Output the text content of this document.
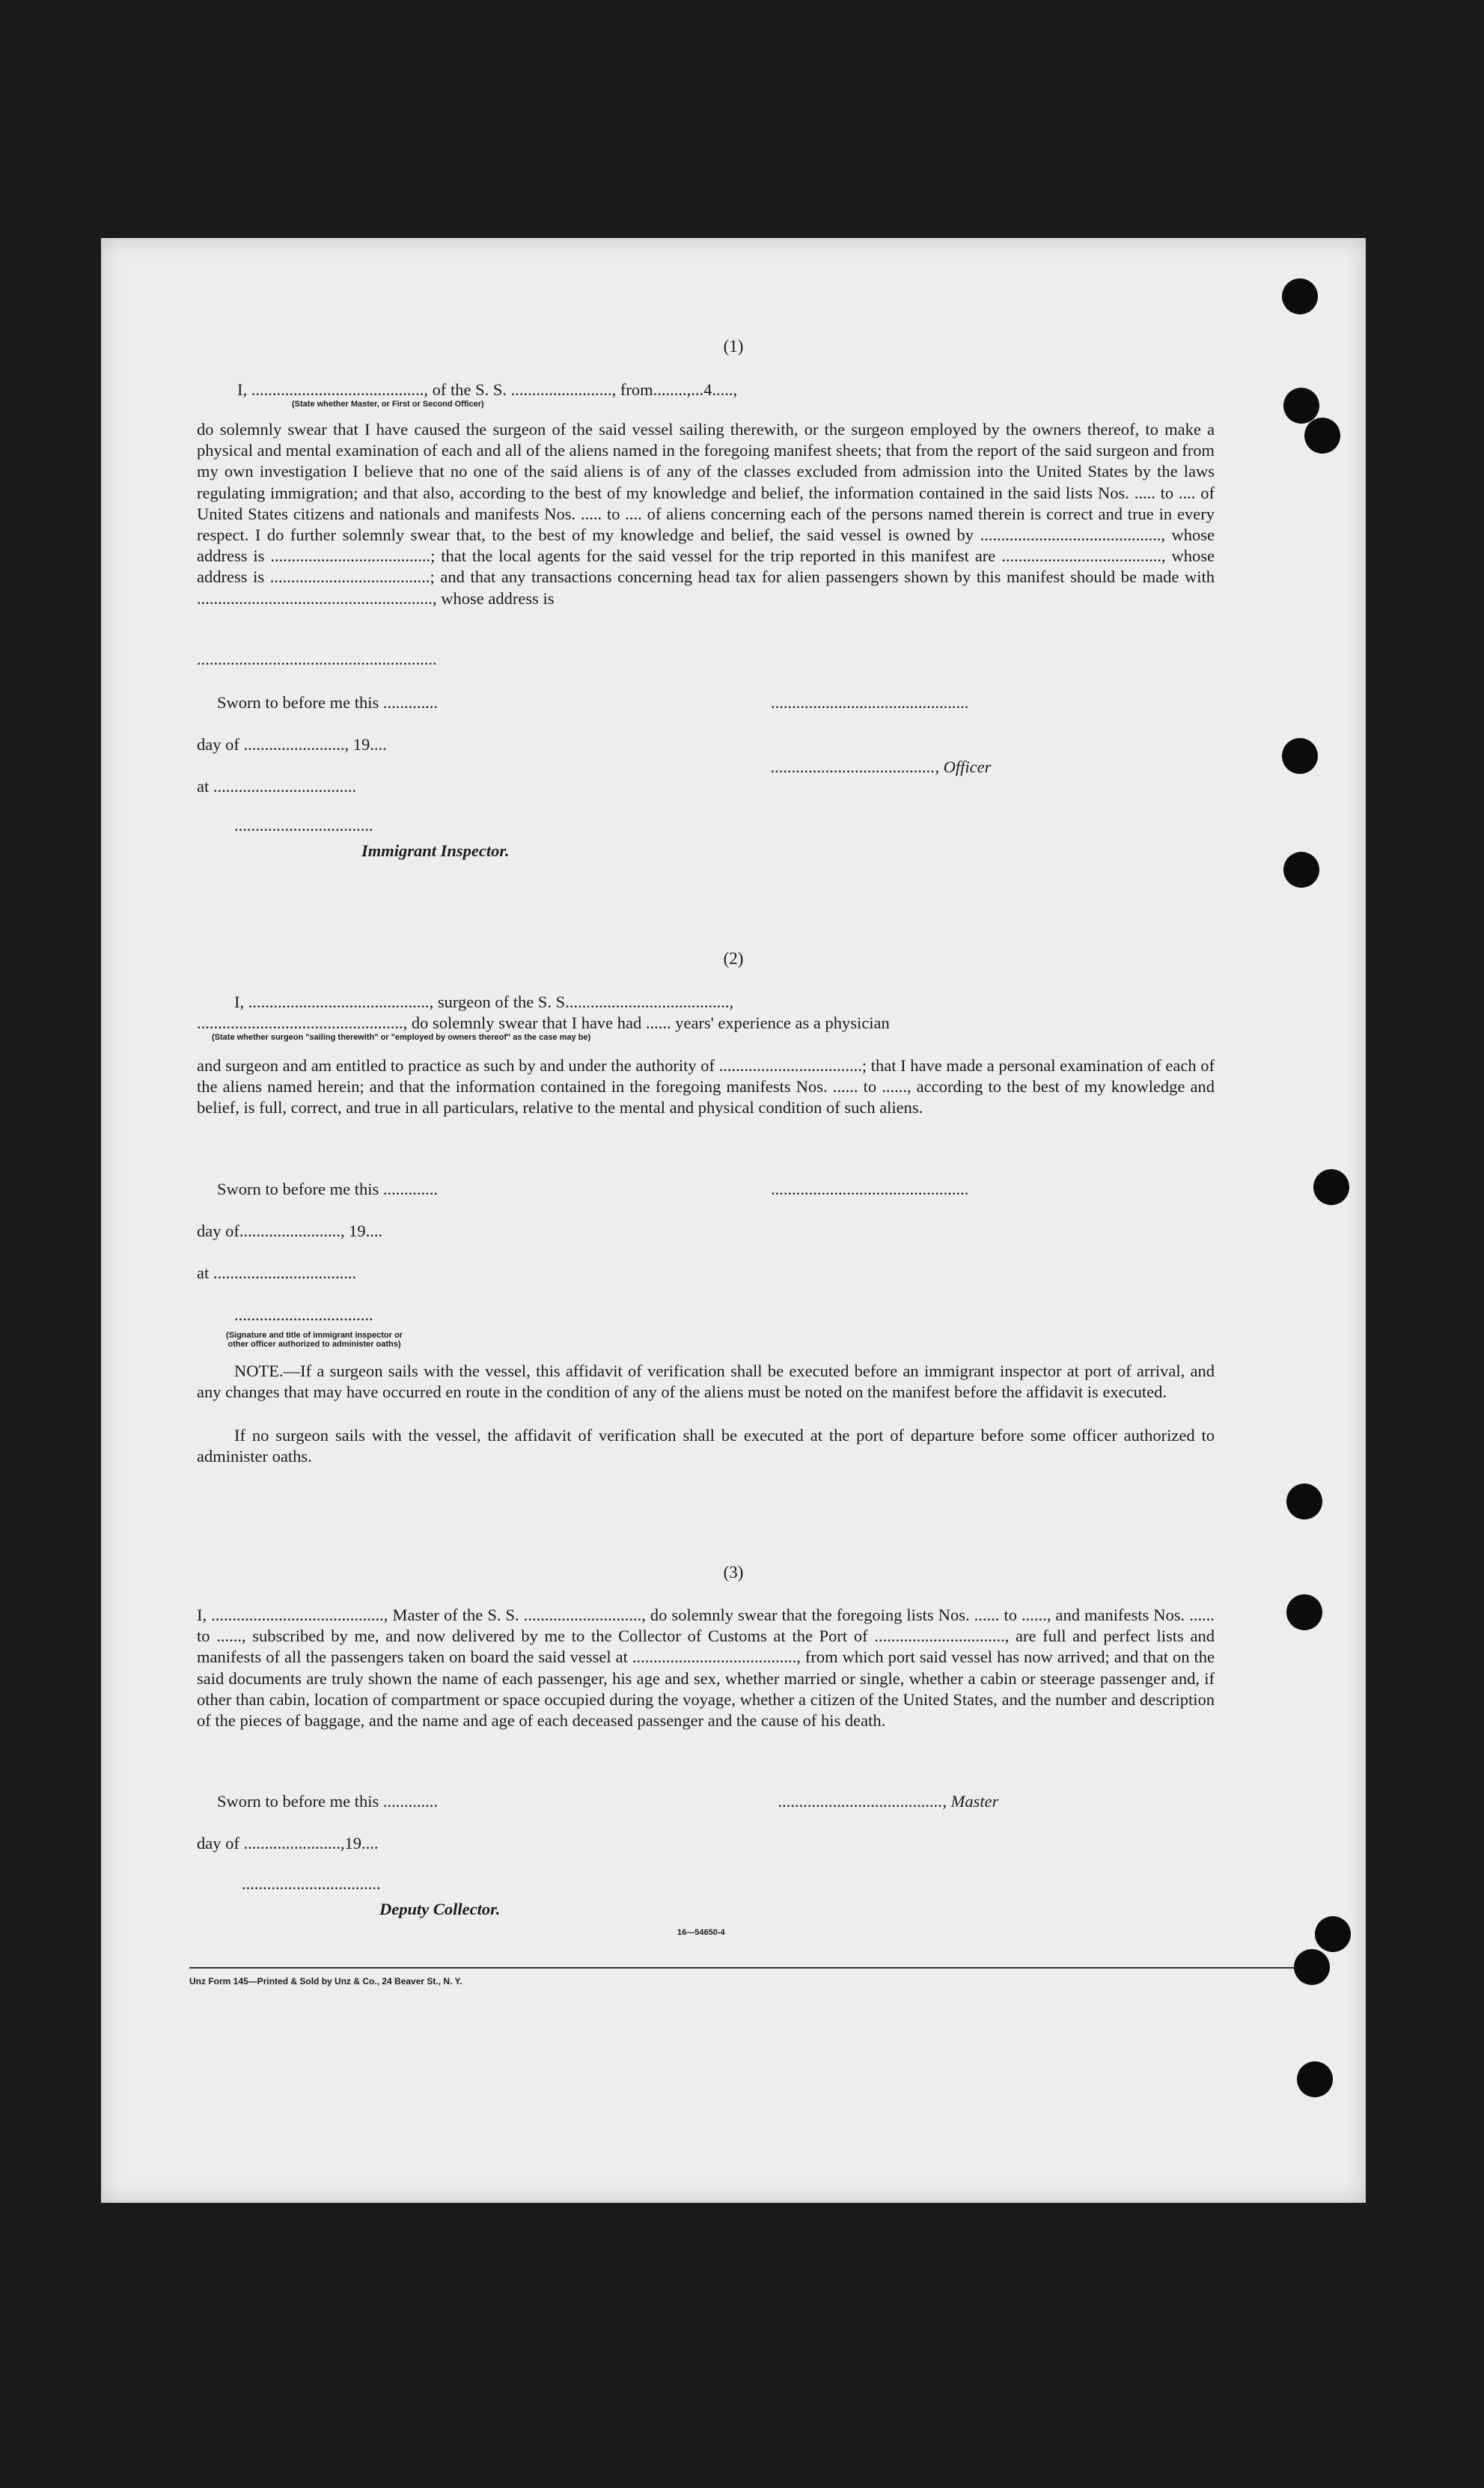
(1)
I, ........................................., of the S. S. ........................, from........,...4.....,
(State whether Master, or First or Second Officer)
do solemnly swear that I have caused the surgeon of the said vessel sailing therewith, or the surgeon employed by the owners thereof, to make a physical and mental examination of each and all of the aliens named in the foregoing manifest sheets; that from the report of the said surgeon and from my own investigation I believe that no one of the said aliens is of any of the classes excluded from admission into the United States by the laws regulating immigration; and that also, according to the best of my knowledge and belief, the information contained in the said lists Nos. ..... to .... of United States citizens and nationals and manifests Nos. ..... to .... of aliens concerning each of the persons named therein is correct and true in every respect. I do further solemnly swear that, to the best of my knowledge and belief, the said vessel is owned by ..........................................., whose address is ......................................; that the local agents for the said vessel for the trip reported in this manifest are ......................................, whose address is ......................................; and that any transactions concerning head tax for alien passengers shown by this manifest should be made with ........................................................, whose address is
.........................................................
Sworn to before me this .............	...............................................
day of ........................, 19....
......................................., Officer
at ..................................
.................................
Immigrant Inspector.
(2)
I, ..........................................., surgeon of the S. S.......................................,
................................................., do solemnly swear that I have had ...... years' experience as a physician
(State whether surgeon "sailing therewith" or "employed by owners thereof" as the case may be)
and surgeon and am entitled to practice as such by and under the authority of ..................................; that I have made a personal examination of each of the aliens named herein; and that the information contained in the foregoing manifests Nos. ...... to ......, according to the best of my knowledge and belief, is full, correct, and true in all particulars, relative to the mental and physical condition of such aliens.
Sworn to before me this .............	...............................................
day of........................, 19....
at ..................................
.................................
(Signature and title of immigrant inspector or
other officer authorized to administer oaths)
NOTE.—If a surgeon sails with the vessel, this affidavit of verification shall be executed before an immigrant inspector at port of arrival, and any changes that may have occurred en route in the condition of any of the aliens must be noted on the manifest before the affidavit is executed.
If no surgeon sails with the vessel, the affidavit of verification shall be executed at the port of departure before some officer authorized to administer oaths.
(3)
I, ........................................., Master of the S. S. ............................, do solemnly swear that the foregoing lists Nos. ...... to ......, and manifests Nos. ...... to ......, subscribed by me, and now delivered by me to the Collector of Customs at the Port of ..............................., are full and perfect lists and manifests of all the passengers taken on board the said vessel at ......................................., from which port said vessel has now arrived; and that on the said documents are truly shown the name of each passenger, his age and sex, whether married or single, whether a cabin or steerage passenger and, if other than cabin, location of compartment or space occupied during the voyage, whether a citizen of the United States, and the number and description of the pieces of baggage, and the name and age of each deceased passenger and the cause of his death.
Sworn to before me this .............	......................................., Master
day of .......................,19....
.................................
Deputy Collector.
16—54650-4
Unz Form 145—Printed & Sold by Unz & Co., 24 Beaver St., N. Y.
